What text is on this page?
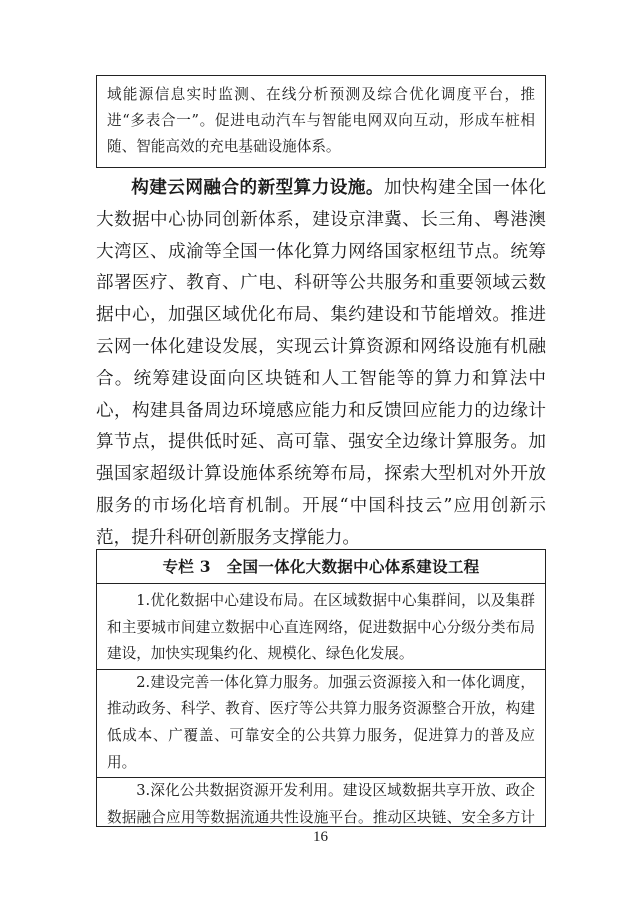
域能源信息实时监测、在线分析预测及综合优化调度平台，推进“多表合一”。促进电动汽车与智能电网双向互动，形成车桩相随、智能高效的充电基础设施体系。

构建云网融合的新型算力设施。加快构建全国一体化大数据中心协同创新体系，建设京津冀、长三角、粤港澳大湾区、成渝等全国一体化算力网络国家枢纽节点。统筹部署医疗、教育、广电、科研等公共服务和重要领域云数据中心，加强区域优化布局、集约建设和节能增效。推进云网一体化建设发展，实现云计算资源和网络设施有机融合。统筹建设面向区块链和人工智能等的算力和算法中心，构建具备周边环境感应能力和反馈回应能力的边缘计算节点，提供低时延、高可靠、强安全边缘计算服务。加强国家超级计算设施体系统筹布局，探索大型机对外开放服务的市场化培育机制。开展“中国科技云”应用创新示范，提升科研创新服务支撑能力。

专栏 3　全国一体化大数据中心体系建设工程

1.优化数据中心建设布局。在区域数据中心集群间，以及集群和主要城市间建立数据中心直连网络，促进数据中心分级分类布局建设，加快实现集约化、规模化、绿色化发展。

2.建设完善一体化算力服务。加强云资源接入和一体化调度，推动政务、科学、教育、医疗等公共算力服务资源整合开放，构建低成本、广覆盖、可靠安全的公共算力服务，促进算力的普及应用。

3.深化公共数据资源开发利用。建设区域数据共享开放、政企数据融合应用等数据流通共性设施平台。推动区块链、安全多方计

16
